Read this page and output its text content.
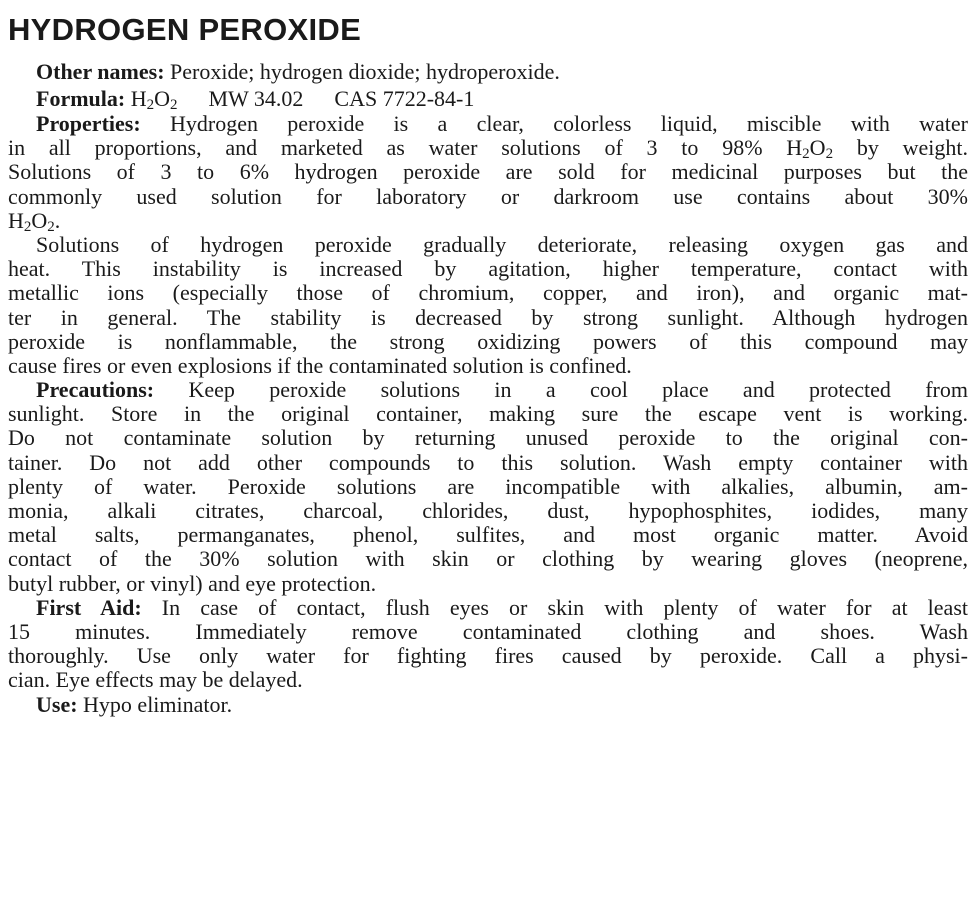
HYDROGEN PEROXIDE
Other names: Peroxide; hydrogen dioxide; hydroperoxide.
Formula: $H_2O_2$ MW 34.02 CAS 7722-84-1
Properties: Hydrogen peroxide is a clear, colorless liquid, miscible with water
in all proportions, and marketed as water solutions of 3 to 98% $H_2O_2$ by weight.
Solutions of 3 to 6% hydrogen peroxide are sold for medicinal purposes but the
commonly used solution for laboratory or darkroom use contains about 30%
$H_2O_2$.
Solutions of hydrogen peroxide gradually deteriorate, releasing oxygen gas and
heat. This instability is increased by agitation, higher temperature, contact with
metallic ions (especially those of chromium, copper, and iron), and organic mat-
ter in general. The stability is decreased by strong sunlight. Although hydrogen
peroxide is nonflammable, the strong oxidizing powers of this compound may
cause fires or even explosions if the contaminated solution is confined.
Precautions: Keep peroxide solutions in a cool place and protected from
sunlight. Store in the original container, making sure the escape vent is working.
Do not contaminate solution by returning unused peroxide to the original con-
tainer. Do not add other compounds to this solution. Wash empty container with
plenty of water. Peroxide solutions are incompatible with alkalies, albumin, am-
monia, alkali citrates, charcoal, chlorides, dust, hypophosphites, iodides, many
metal salts, permanganates, phenol, sulfites, and most organic matter. Avoid
contact of the 30% solution with skin or clothing by wearing gloves (neoprene,
butyl rubber, or vinyl) and eye protection.
First Aid: In case of contact, flush eyes or skin with plenty of water for at least
15 minutes. Immediately remove contaminated clothing and shoes. Wash
thoroughly. Use only water for fighting fires caused by peroxide. Call a physi-
cian. Eye effects may be delayed.
Use: Hypo eliminator.
